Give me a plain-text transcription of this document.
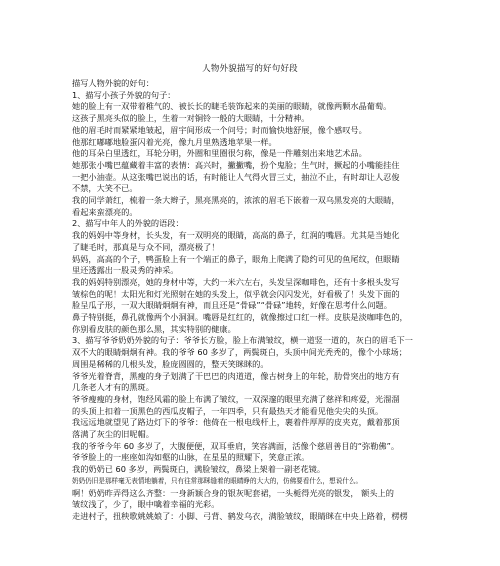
人物外貌描写的好句好段
描写人物外貌的好句：
1、描写小孩子外貌的句子：
她的脸上有一双带着稚气的、被长长的睫毛装饰起来的美丽的眼睛，就像两颗水晶葡萄。
这孩子黑亮头似的脸上，生着一对铜铃一般的大眼睛，十分精神。
他的眉毛时而紧紧地皱起，眉宇间形成一个问号；时而愉快地舒展，像个感叹号。
他那红嘟嘟地脸蛋闪着光亮，像九月里熟透地苹果一样。
他的耳朵白里透红，耳轮分明，外圈和里圈很匀称，像是一件雕刻出来地艺术品。
她那张小嘴巴蕴藏着丰富的表情：高兴时，撇撇嘴，扮个鬼脸；生气时，撅起的小嘴能挂住
一把小油壶。从这张嘴巴说出的话，有时能让人气得火冒三丈，抽泣不止，有时却让人忍俊
不禁，大笑不已。
我的同学萧红，梳着一条大辫子，黑亮黑亮的，浓浓的眉毛下嵌着一双乌黑发亮的大眼睛，
看起来蛮漂亮的。
2、描写中年人的外貌的语段：
我的妈妈中等身材，长头发，有一双明亮的眼睛，高高的鼻子，红润的嘴唇。尤其是当她化
了睫毛时，那真是与众不同，漂亮极了！
妈妈，高高的个子，鸭蛋脸上有一个端正的鼻子，眼角上爬满了隐约可见的鱼尾纹，但眼睛
里还透露出一股灵秀的神采。
我的妈妈特别漂亮，她的身材中等，大约一米六左右，头发呈深咖啡色，还有十多根头发写
皱棕色的呢！太阳光和灯光照射在她的头发上，似乎就会闪闪发光，好看极了！头发下面的
脸呈瓜子形，一双大眼睛炯炯有神，而且还是“骨碌”“骨碌”地转，好像在思考什么问题。
鼻子特别挺，鼻孔就像两个小洞洞。嘴唇是红红的，就像擦过口红一样。皮肤是淡咖啡色的，
你别看皮肤的颜色那么黑，其实特别的健康。
3、描写爷爷奶奶外貌的句子：爷爷长方脸，脸上布满皱纹，横一道竖一道的，灰白的眉毛下一
双不大的眼睛炯炯有神。我的爷爷 60 多岁了，两鬓斑白，头顶中间光秃秃的，像个小球场；
周围是稀稀的几根头发，脸庞圆圆的，整天笑眯眯的。
爷爷光着脊背，黑瘦的身子划满了干巴巴的肉道道，像古树身上的年轮，肋骨突出的地方有
几条老人才有的黑斑。
爷爷瘦瘦的身材，饱经风霜的脸上布满了皱纹，一双深邃的眼里充满了慈祥和疼爱，光溜溜
的头顶上扣着一顶黑色的西瓜皮帽子，一年四季，只有最热天才能看见他尖尖的头顶。
我远远地就望见了路边灯下的爷爷：他倚在一根电线杆上，裹着件厚厚的皮夹克，戴着那顶
落满了灰尘的旧呢帽。
我的爷爷今年 60 多岁了，大腹便便，双耳垂肩，笑容满面，活像个慈眉善目的“弥勒佛”。
爷爷脸上的一座座如沟如壑的山脉，在星星的照耀下，笑意正浓。
我的奶奶已 60 多岁，两鬓斑白，满脸皱纹，鼻梁上架着一副老花镜。
奶奶仍旧是那样毫无表情地躺着，只有往常那眯缝着的眼睛睁的大大的，仿佛要看什么，想说什么。
啊！奶奶昨弄得这么齐整：一身新颖合身的银灰呢套裙，一头栀得光亮的银发， 额头上的
皱纹浅了，少了，眼中噙着幸福的光彩。
走进村子，扭秧歌姚姚娘了：小脚、弓背、鹤发乌衣，满脸皱纹，眼睛眯在中央上路着，楞楞
